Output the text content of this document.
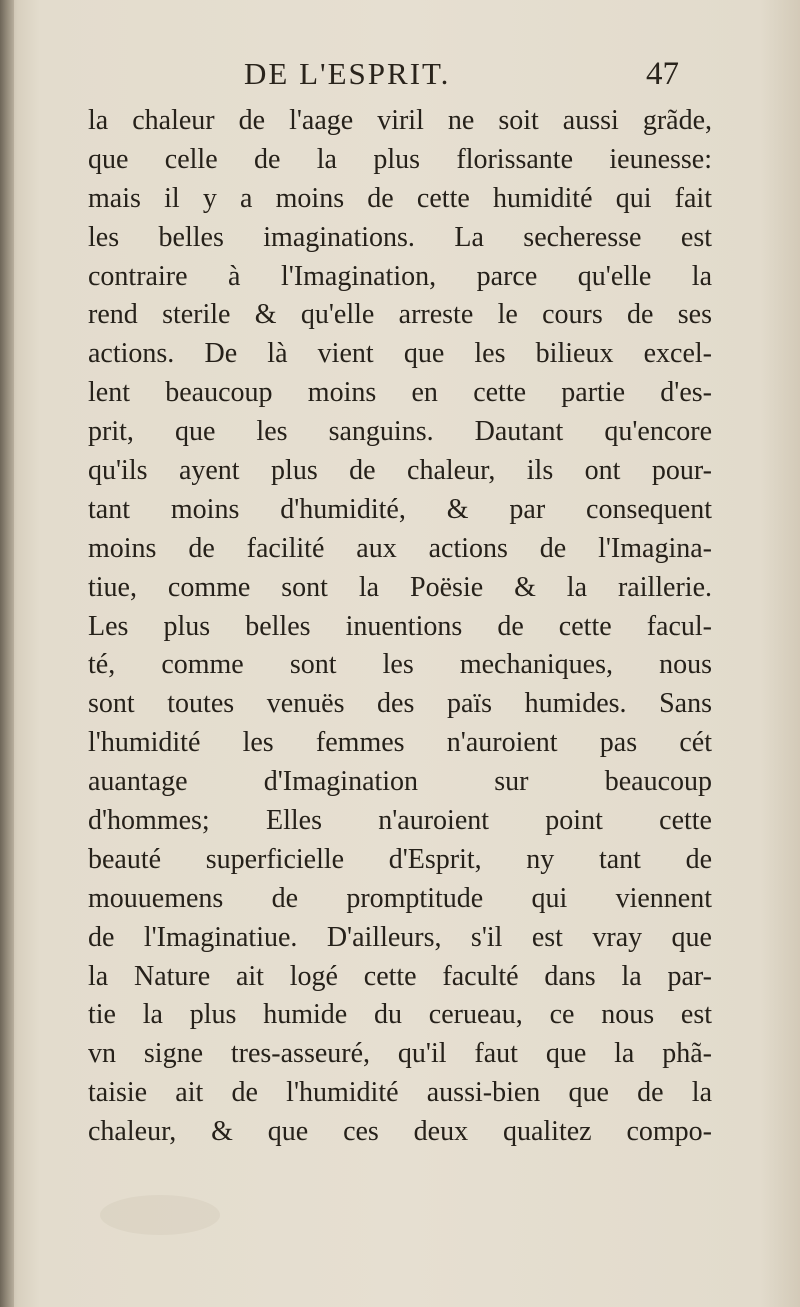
DE L'ESPRIT.	47
la chaleur de l'aage viril ne soit aussi grãde,
que celle de la plus florissante ieunesse:
mais il y a moins de cette humidité qui fait
les belles imaginations. La secheresse est
contraire à l'Imagination, parce qu'elle la
rend sterile & qu'elle arreste le cours de ses
actions. De là vient que les bilieux excel-
lent beaucoup moins en cette partie d'es-
prit, que les sanguins. Dautant qu'encore
qu'ils ayent plus de chaleur, ils ont pour-
tant moins d'humidité, & par consequent
moins de facilité aux actions de l'Imagina-
tiue, comme sont la Poësie & la raillerie.
Les plus belles inuentions de cette facul-
té, comme sont les mechaniques, nous
sont toutes venuës des païs humides. Sans
l'humidité les femmes n'auroient pas cét
auantage d'Imagination sur beaucoup
d'hommes; Elles n'auroient point cette
beauté superficielle d'Esprit, ny tant de
mouuemens de promptitude qui viennent
de l'Imaginatiue. D'ailleurs, s'il est vray que
la Nature ait logé cette faculté dans la par-
tie la plus humide du cerueau, ce nous est
vn signe tres-asseuré, qu'il faut que la phã-
taisie ait de l'humidité aussi-bien que de la
chaleur, & que ces deux qualitez compo-
